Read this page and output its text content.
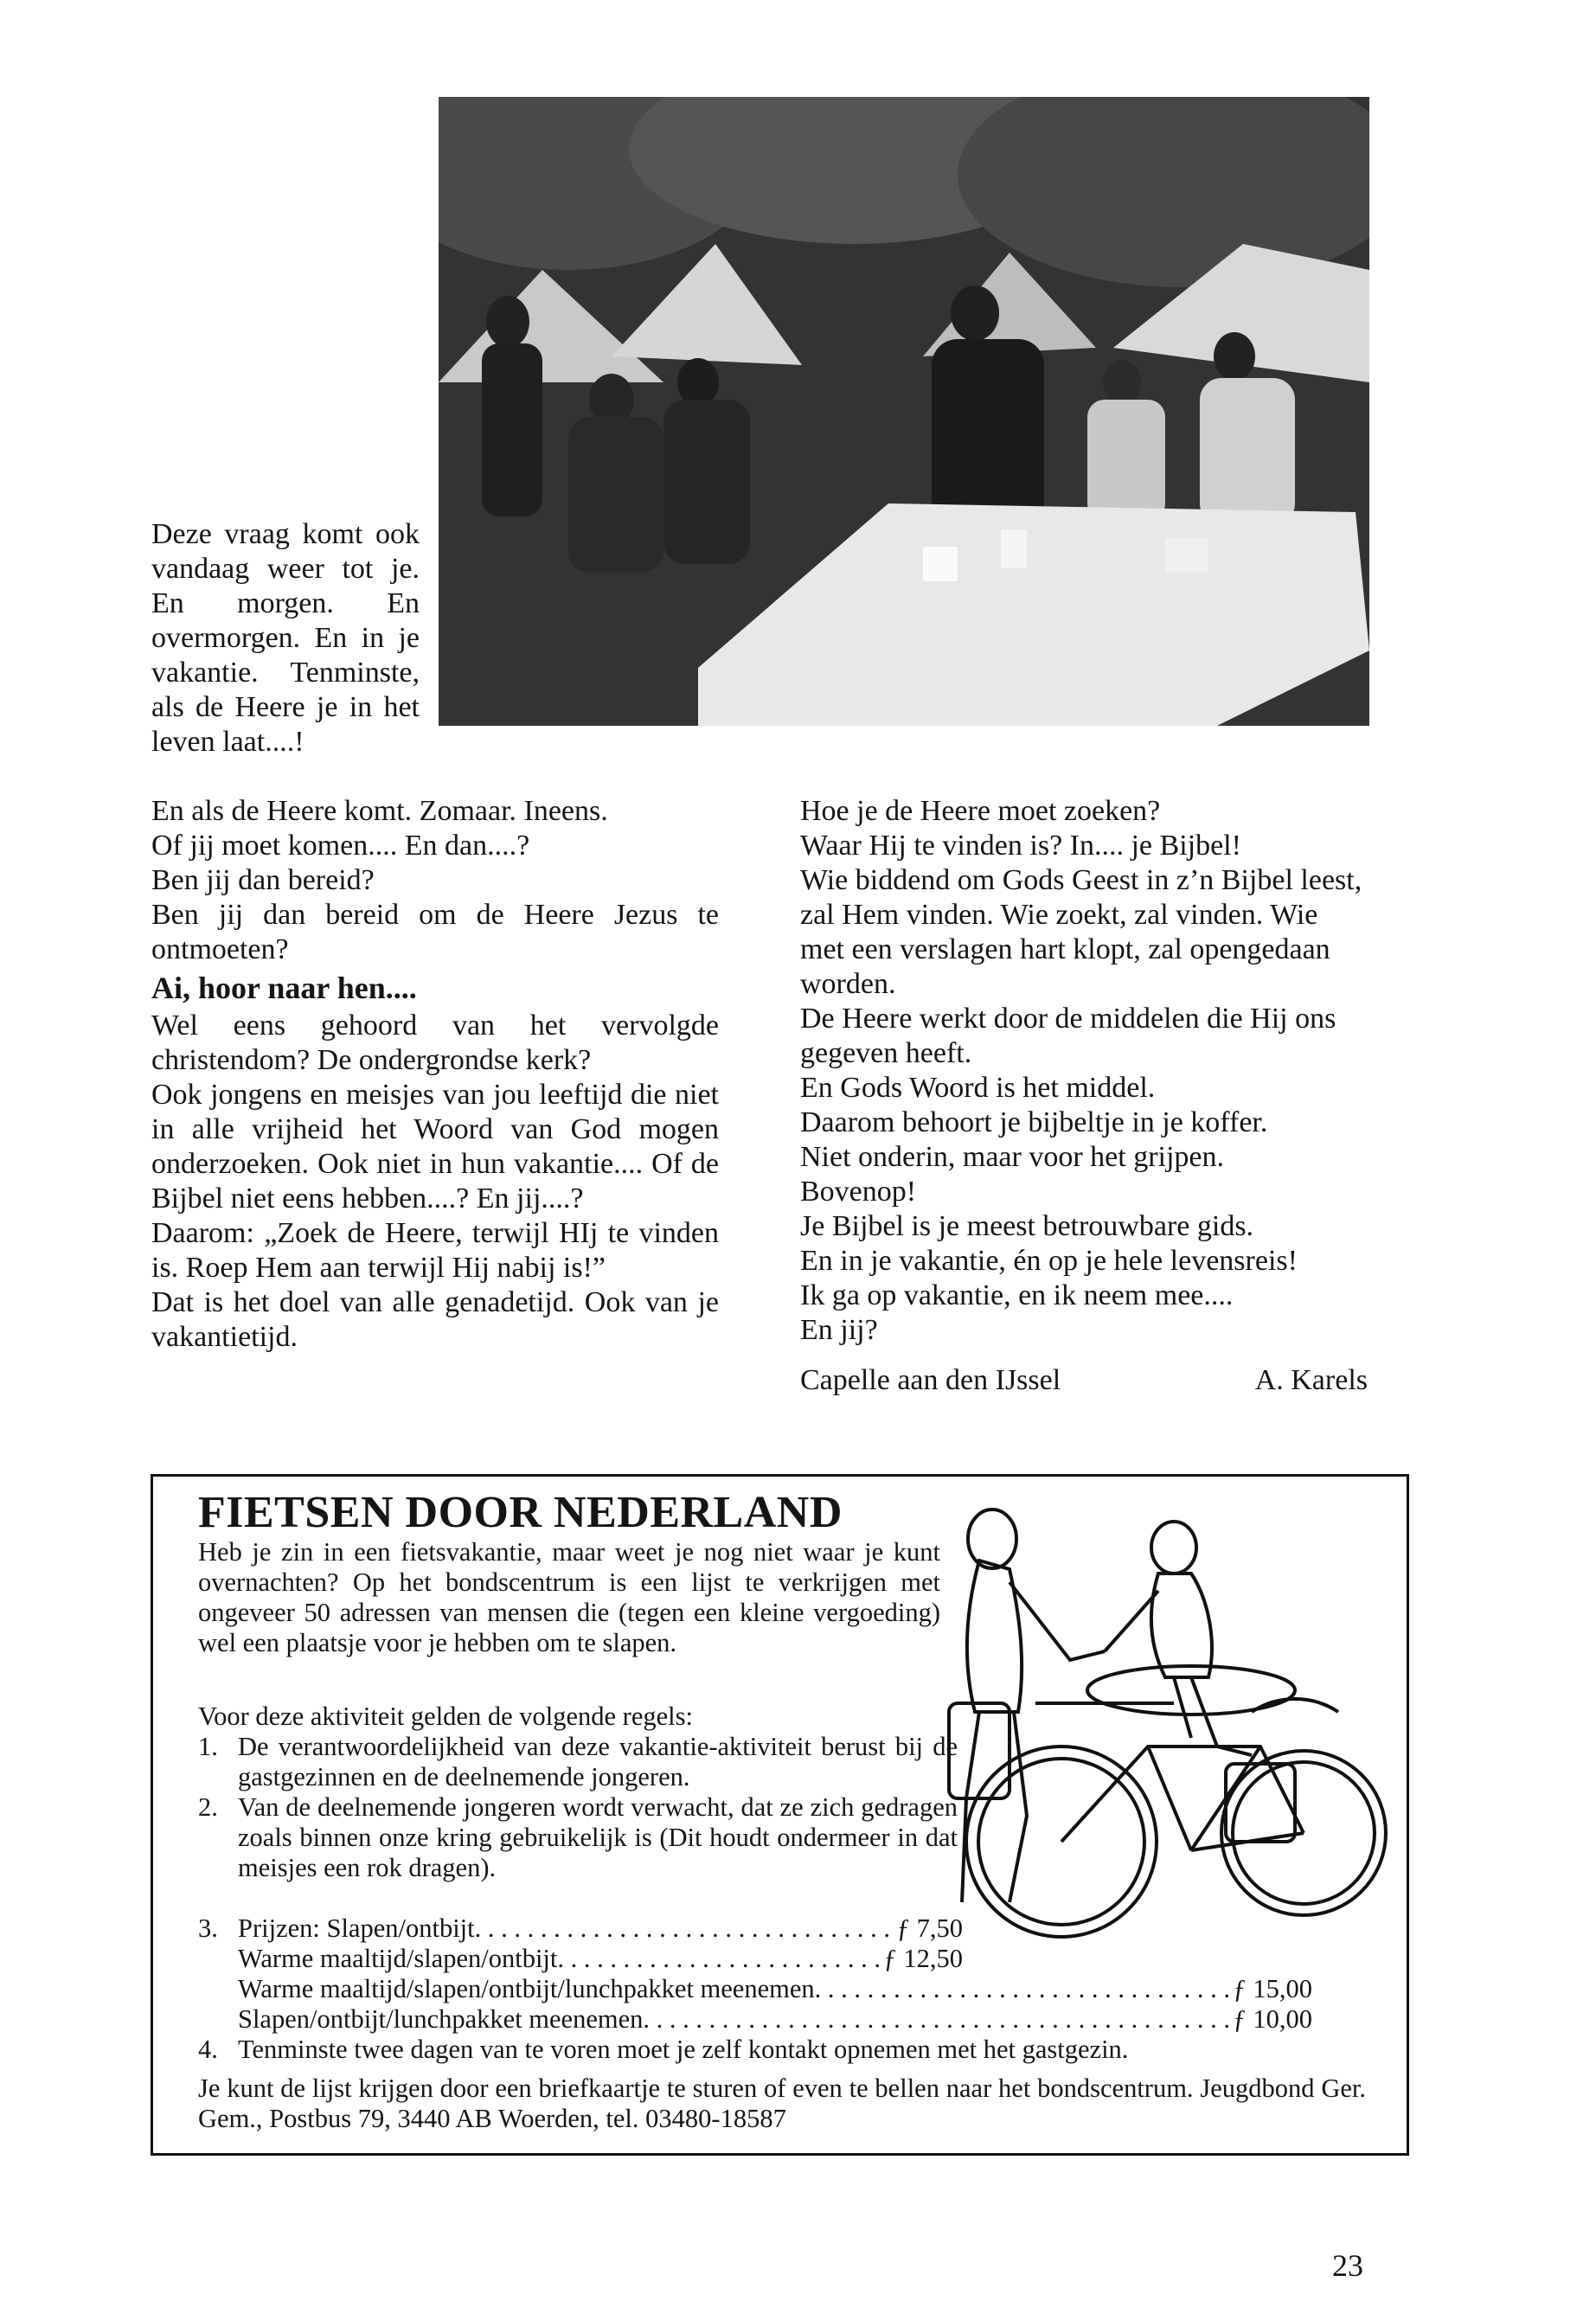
Deze vraag komt ook vandaag weer tot je. En morgen. En overmorgen. En in je vakantie. Tenminste, als de Heere je in het leven laat....!

En als de Heere komt. Zomaar. Ineens.

Of jij moet komen.... En dan....?

Ben jij dan bereid?

Ben jij dan bereid om de Heere Jezus te ontmoeten?

Ai, hoor naar hen....

Wel eens gehoord van het vervolgde christendom? De ondergrondse kerk?

Ook jongens en meisjes van jou leeftijd die niet in alle vrijheid het Woord van God mogen onderzoeken. Ook niet in hun vakantie.... Of de Bijbel niet eens hebben....? En jij....?

Daarom: „Zoek de Heere, terwijl HIj te vinden is. Roep Hem aan terwijl Hij nabij is!”

Dat is het doel van alle genadetijd. Ook van je vakantietijd.

Hoe je de Heere moet zoeken?

Waar Hij te vinden is? In.... je Bijbel!

Wie biddend om Gods Geest in z’n Bijbel leest, zal Hem vinden. Wie zoekt, zal vinden. Wie met een verslagen hart klopt, zal opengedaan worden.

De Heere werkt door de middelen die Hij ons gegeven heeft.

En Gods Woord is het middel.

Daarom behoort je bijbeltje in je koffer.

Niet onderin, maar voor het grijpen.

Bovenop!

Je Bijbel is je meest betrouwbare gids.

En in je vakantie, én op je hele levensreis!

Ik ga op vakantie, en ik neem mee....

En jij?

Capelle aan den IJssel	A. Karels
FIETSEN DOOR NEDERLAND
Heb je zin in een fietsvakantie, maar weet je nog niet waar je kunt overnachten? Op het bondscentrum is een lijst te verkrijgen met ongeveer 50 adressen van mensen die (tegen een kleine vergoeding) wel een plaatsje voor je hebben om te slapen.
Voor deze aktiviteit gelden de volgende regels:
1. De verantwoordelijkheid van deze vakantie-aktiviteit berust bij de gastgezinnen en de deelnemende jongeren.
2. Van de deelnemende jongeren wordt verwacht, dat ze zich gedragen zoals binnen onze kring gebruikelijk is (Dit houdt ondermeer in dat meisjes een rok dragen).
3. Prijzen: Slapen/ontbijt . . .	ƒ 7,50
Warme maaltijd/slapen/ontbijt . . .	ƒ 12,50
Warme maaltijd/slapen/ontbijt/lunchpakket meenemen . . .	ƒ 15,00
Slapen/ontbijt/lunchpakket meenemen . . .	ƒ 10,00
4. Tenminste twee dagen van te voren moet je zelf kontakt opnemen met het gastgezin.
Je kunt de lijst krijgen door een briefkaartje te sturen of even te bellen naar het bondscentrum. Jeugdbond Ger. Gem., Postbus 79, 3440 AB Woerden, tel. 03480-18587
23
